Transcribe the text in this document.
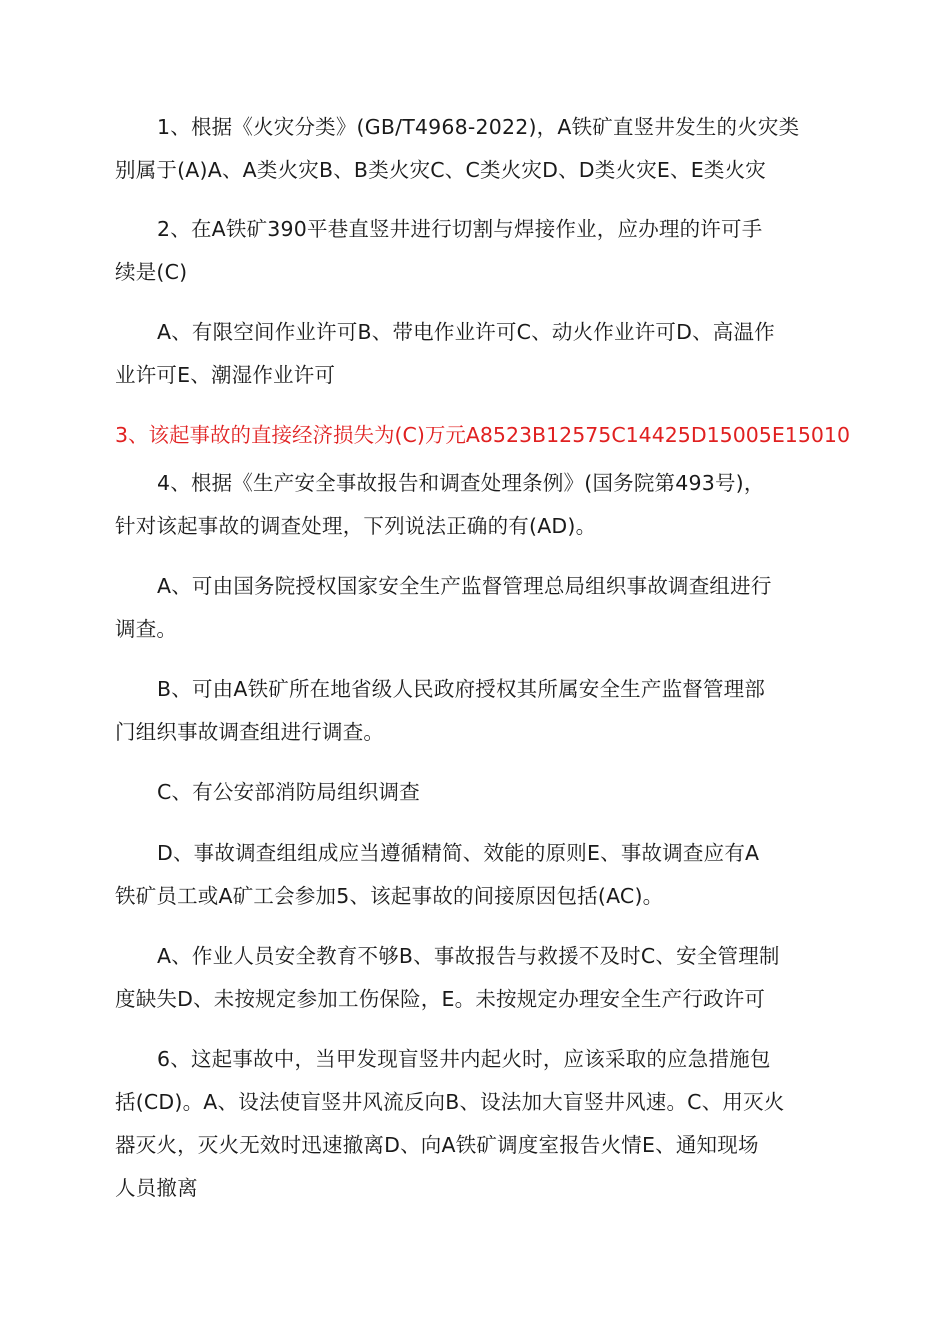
1、根据《火灾分类》(GB/T4968-2022)，A铁矿直竖井发生的火灾类
别属于(A)A、A类火灾B、B类火灾C、C类火灾D、D类火灾E、E类火灾

2、在A铁矿390平巷直竖井进行切割与焊接作业，应办理的许可手
续是(C)

A、有限空间作业许可B、带电作业许可C、动火作业许可D、高温作
业许可E、潮湿作业许可

3、该起事故的直接经济损失为(C)万元A8523B12575C14425D15005E15010

4、根据《生产安全事故报告和调查处理条例》(国务院第493号)，
针对该起事故的调查处理，下列说法正确的有(AD)。

A、可由国务院授权国家安全生产监督管理总局组织事故调查组进行
调查。

B、可由A铁矿所在地省级人民政府授权其所属安全生产监督管理部
门组织事故调查组进行调查。

C、有公安部消防局组织调查

D、事故调查组组成应当遵循精简、效能的原则E、事故调查应有A
铁矿员工或A矿工会参加5、该起事故的间接原因包括(AC)。

A、作业人员安全教育不够B、事故报告与救援不及时C、安全管理制
度缺失D、未按规定参加工伤保险，E。未按规定办理安全生产行政许可

6、这起事故中，当甲发现盲竖井内起火时，应该采取的应急措施包
括(CD)。A、设法使盲竖井风流反向B、设法加大盲竖井风速。C、用灭火
器灭火，灭火无效时迅速撤离D、向A铁矿调度室报告火情E、通知现场
人员撤离
